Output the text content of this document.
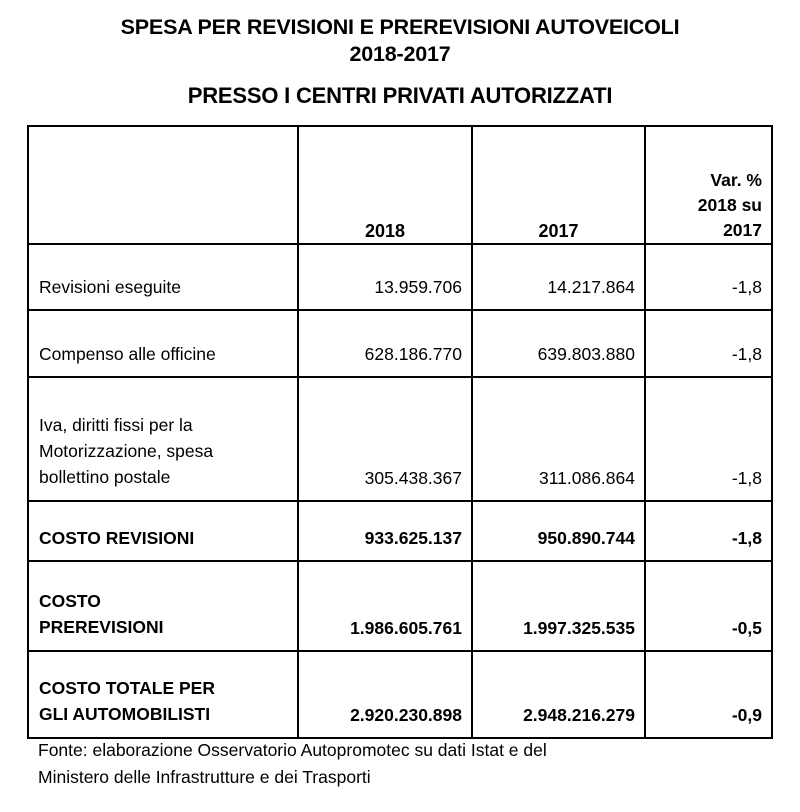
SPESA PER REVISIONI E PREREVISIONI AUTOVEICOLI
2018-2017
PRESSO I CENTRI PRIVATI AUTORIZZATI

	2018	2017	Var. %
2018 su
2017

Revisioni eseguite	13.959.706	14.217.864	-1,8

Compenso alle officine	628.186.770	639.803.880	-1,8

Iva, diritti fissi per la
Motorizzazione, spesa
bollettino postale	305.438.367	311.086.864	-1,8

COSTO REVISIONI	933.625.137	950.890.744	-1,8

COSTO
PREREVISIONI	1.986.605.761	1.997.325.535	-0,5

COSTO TOTALE PER
GLI AUTOMOBILISTI	2.920.230.898	2.948.216.279	-0,9
Fonte: elaborazione Osservatorio Autopromotec su dati Istat e del
Ministero delle Infrastrutture e dei Trasporti
